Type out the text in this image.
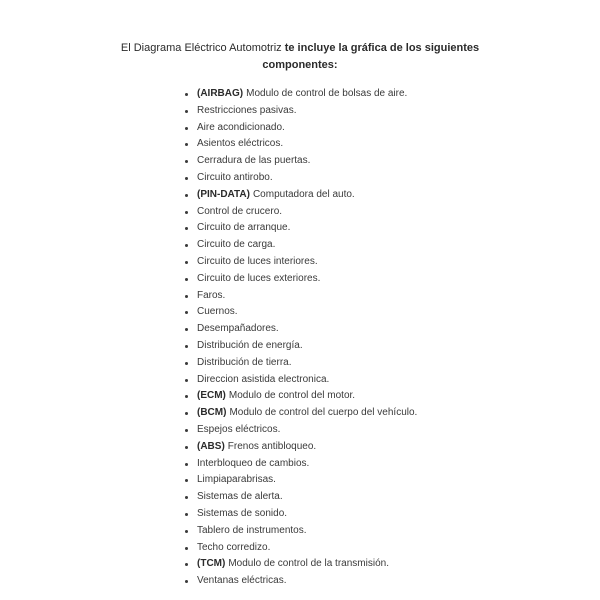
El Diagrama Eléctrico Automotriz te incluye la gráfica de los siguientes
componentes:
(AIRBAG) Modulo de control de bolsas de aire.
Restricciones pasivas.
Aire acondicionado.
Asientos eléctricos.
Cerradura de las puertas.
Circuito antirobo.
(PIN-DATA) Computadora del auto.
Control de crucero.
Circuito de arranque.
Circuito de carga.
Circuito de luces interiores.
Circuito de luces exteriores.
Faros.
Cuernos.
Desempañadores.
Distribución de energía.
Distribución de tierra.
Direccion asistida electronica.
(ECM) Modulo de control del motor.
(BCM) Modulo de control del cuerpo del vehículo.
Espejos eléctricos.
(ABS) Frenos antibloqueo.
Interbloqueo de cambios.
Limpiaparabrisas.
Sistemas de alerta.
Sistemas de sonido.
Tablero de instrumentos.
Techo corredizo.
(TCM) Modulo de control de la transmisión.
Ventanas eléctricas.
